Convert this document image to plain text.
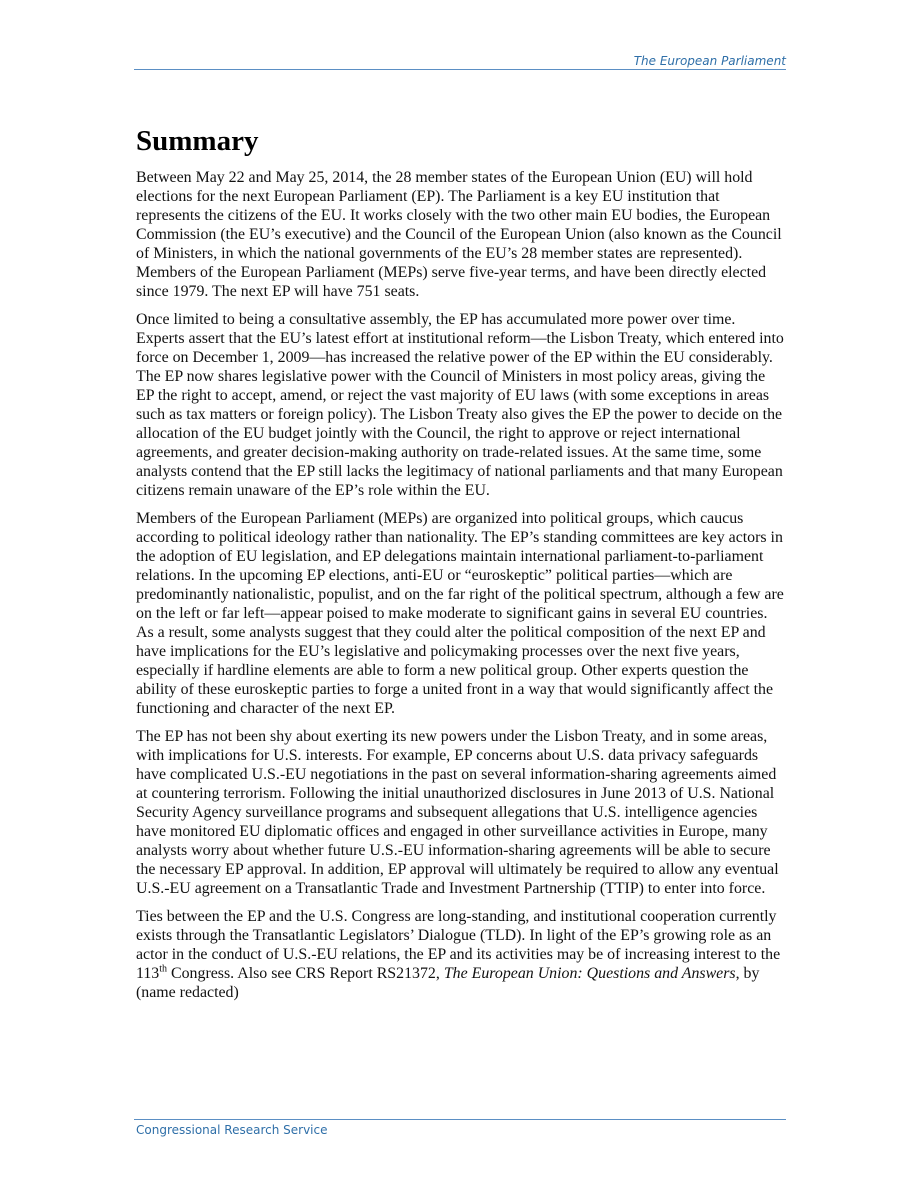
The European Parliament
Summary

Between May 22 and May 25, 2014, the 28 member states of the European Union (EU) will hold elections for the next European Parliament (EP). The Parliament is a key EU institution that represents the citizens of the EU. It works closely with the two other main EU bodies, the European Commission (the EU’s executive) and the Council of the European Union (also known as the Council of Ministers, in which the national governments of the EU’s 28 member states are represented). Members of the European Parliament (MEPs) serve five-year terms, and have been directly elected since 1979. The next EP will have 751 seats.

Once limited to being a consultative assembly, the EP has accumulated more power over time. Experts assert that the EU’s latest effort at institutional reform—the Lisbon Treaty, which entered into force on December 1, 2009—has increased the relative power of the EP within the EU considerably. The EP now shares legislative power with the Council of Ministers in most policy areas, giving the EP the right to accept, amend, or reject the vast majority of EU laws (with some exceptions in areas such as tax matters or foreign policy). The Lisbon Treaty also gives the EP the power to decide on the allocation of the EU budget jointly with the Council, the right to approve or reject international agreements, and greater decision-making authority on trade-related issues. At the same time, some analysts contend that the EP still lacks the legitimacy of national parliaments and that many European citizens remain unaware of the EP’s role within the EU.

Members of the European Parliament (MEPs) are organized into political groups, which caucus according to political ideology rather than nationality. The EP’s standing committees are key actors in the adoption of EU legislation, and EP delegations maintain international parliament-to-parliament relations. In the upcoming EP elections, anti-EU or “euroskeptic” political parties—which are predominantly nationalistic, populist, and on the far right of the political spectrum, although a few are on the left or far left—appear poised to make moderate to significant gains in several EU countries. As a result, some analysts suggest that they could alter the political composition of the next EP and have implications for the EU’s legislative and policymaking processes over the next five years, especially if hardline elements are able to form a new political group. Other experts question the ability of these euroskeptic parties to forge a united front in a way that would significantly affect the functioning and character of the next EP.

The EP has not been shy about exerting its new powers under the Lisbon Treaty, and in some areas, with implications for U.S. interests. For example, EP concerns about U.S. data privacy safeguards have complicated U.S.-EU negotiations in the past on several information-sharing agreements aimed at countering terrorism. Following the initial unauthorized disclosures in June 2013 of U.S. National Security Agency surveillance programs and subsequent allegations that U.S. intelligence agencies have monitored EU diplomatic offices and engaged in other surveillance activities in Europe, many analysts worry about whether future U.S.-EU information-sharing agreements will be able to secure the necessary EP approval. In addition, EP approval will ultimately be required to allow any eventual U.S.-EU agreement on a Transatlantic Trade and Investment Partnership (TTIP) to enter into force.

Ties between the EP and the U.S. Congress are long-standing, and institutional cooperation currently exists through the Transatlantic Legislators’ Dialogue (TLD). In light of the EP’s growing role as an actor in the conduct of U.S.-EU relations, the EP and its activities may be of increasing interest to the 113th Congress. Also see CRS Report RS21372, The European Union: Questions and Answers, by (name redacted)

Congressional Research Service
